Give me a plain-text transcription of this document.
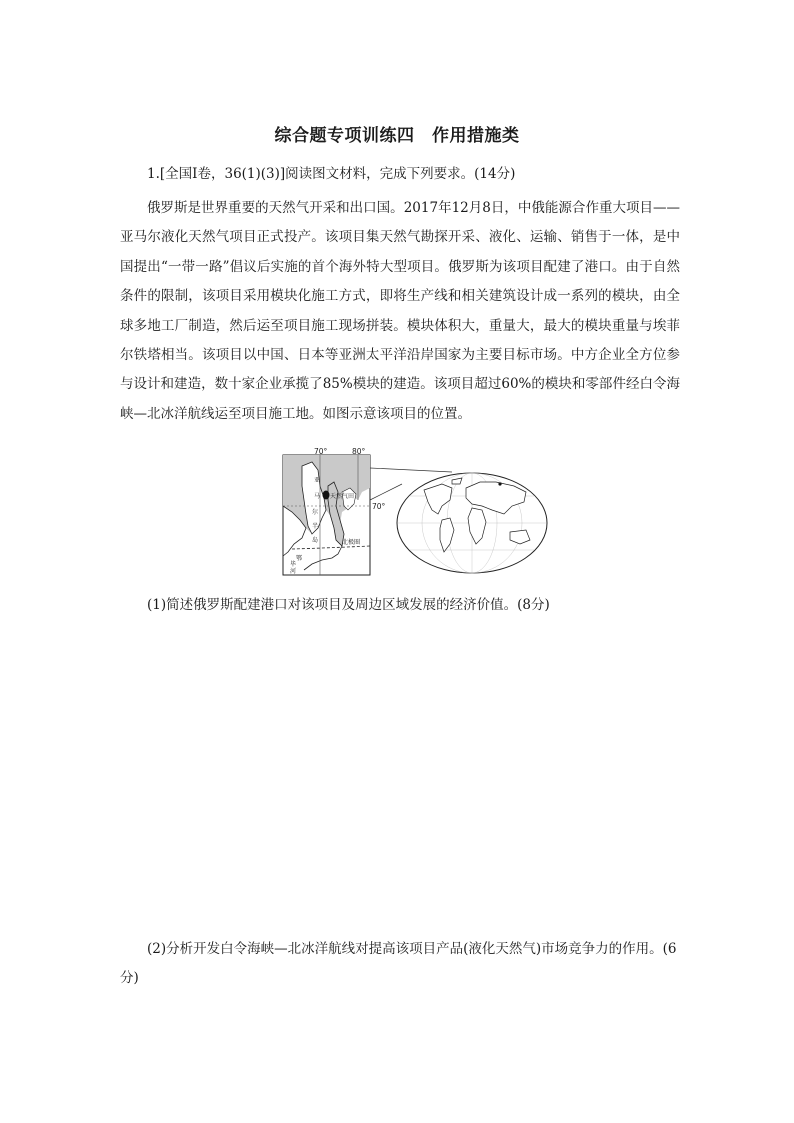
综合题专项训练四　作用措施类
1.[全国Ⅰ卷，36(1)(3)]阅读图文材料，完成下列要求。(14分)

俄罗斯是世界重要的天然气开采和出口国。2017年12月8日，中俄能源合作重大项目——亚马尔液化天然气项目正式投产。该项目集天然气勘探开采、液化、运输、销售于一体，是中国提出“一带一路”倡议后实施的首个海外特大型项目。俄罗斯为该项目配建了港口。由于自然条件的限制，该项目采用模块化施工方式，即将生产线和相关建筑设计成一系列的模块，由全球多地工厂制造，然后运至项目施工现场拼装。模块体积大，重量大，最大的模块重量与埃菲尔铁塔相当。该项目以中国、日本等亚洲太平洋沿岸国家为主要目标市场。中方企业全方位参与设计和建造，数十家企业承揽了85%模块的建造。该项目超过60%的模块和零部件经白令海峡—北冰洋航线运至项目施工地。如图示意该项目的位置。

70°	80°
70°
亚
马
尔
半
岛
天然气田
北极圈
鄂
毕
河
(1)简述俄罗斯配建港口对该项目及周边区域发展的经济价值。(8分)

(2)分析开发白令海峡—北冰洋航线对提高该项目产品(液化天然气)市场竞争力的作用。(6分)
